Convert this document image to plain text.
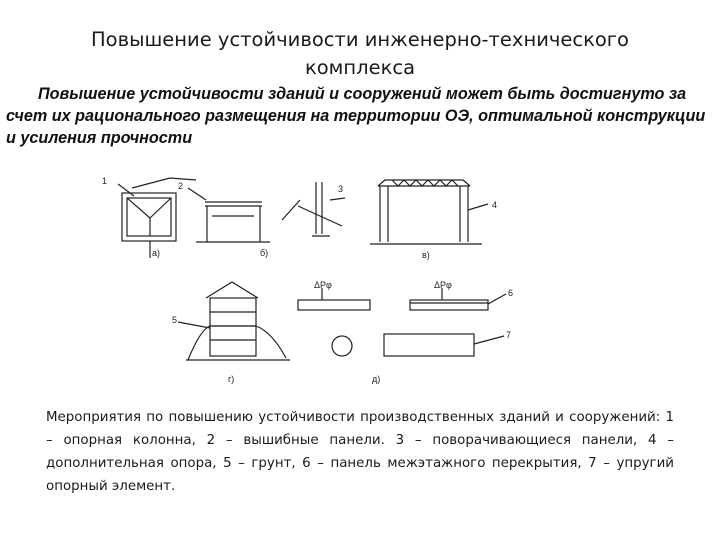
Повышение устойчивости инженерно-технического
комплекса
Повышение устойчивости зданий и сооружений может быть достигнуто за счет их рационального размещения на территории ОЭ, оптимальной конструкции и усиления прочности
1	2	3
4
5
6
7
ΔPφ	ΔPφ
а)	б)	в)
г)	д)
Мероприятия по повышению устойчивости производственных зданий и сооружений: 1 – опорная колонна, 2 – вышибные панели. 3 – поворачивающиеся панели, 4 – дополнительная опора, 5 – грунт, 6 – панель межэтажного перекрытия, 7 – упругий опорный элемент.
